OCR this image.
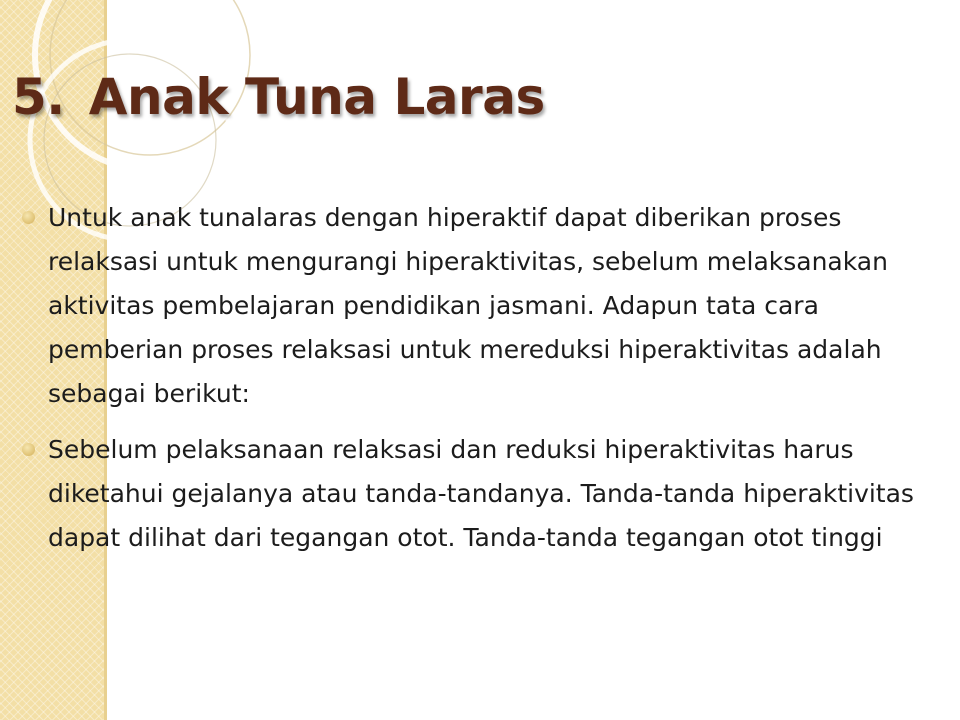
5. Anak Tuna Laras
Untuk anak tunalaras dengan hiperaktif dapat diberikan proses relaksasi untuk mengurangi hiperaktivitas, sebelum melaksanakan aktivitas pembelajaran pendidikan jasmani. Adapun tata cara pemberian proses relaksasi untuk mereduksi hiperaktivitas adalah sebagai berikut:
Sebelum pelaksanaan relaksasi dan reduksi hiperaktivitas harus diketahui gejalanya atau tanda-tandanya. Tanda-tanda hiperaktivitas dapat dilihat dari tegangan otot. Tanda-tanda tegangan otot tinggi
